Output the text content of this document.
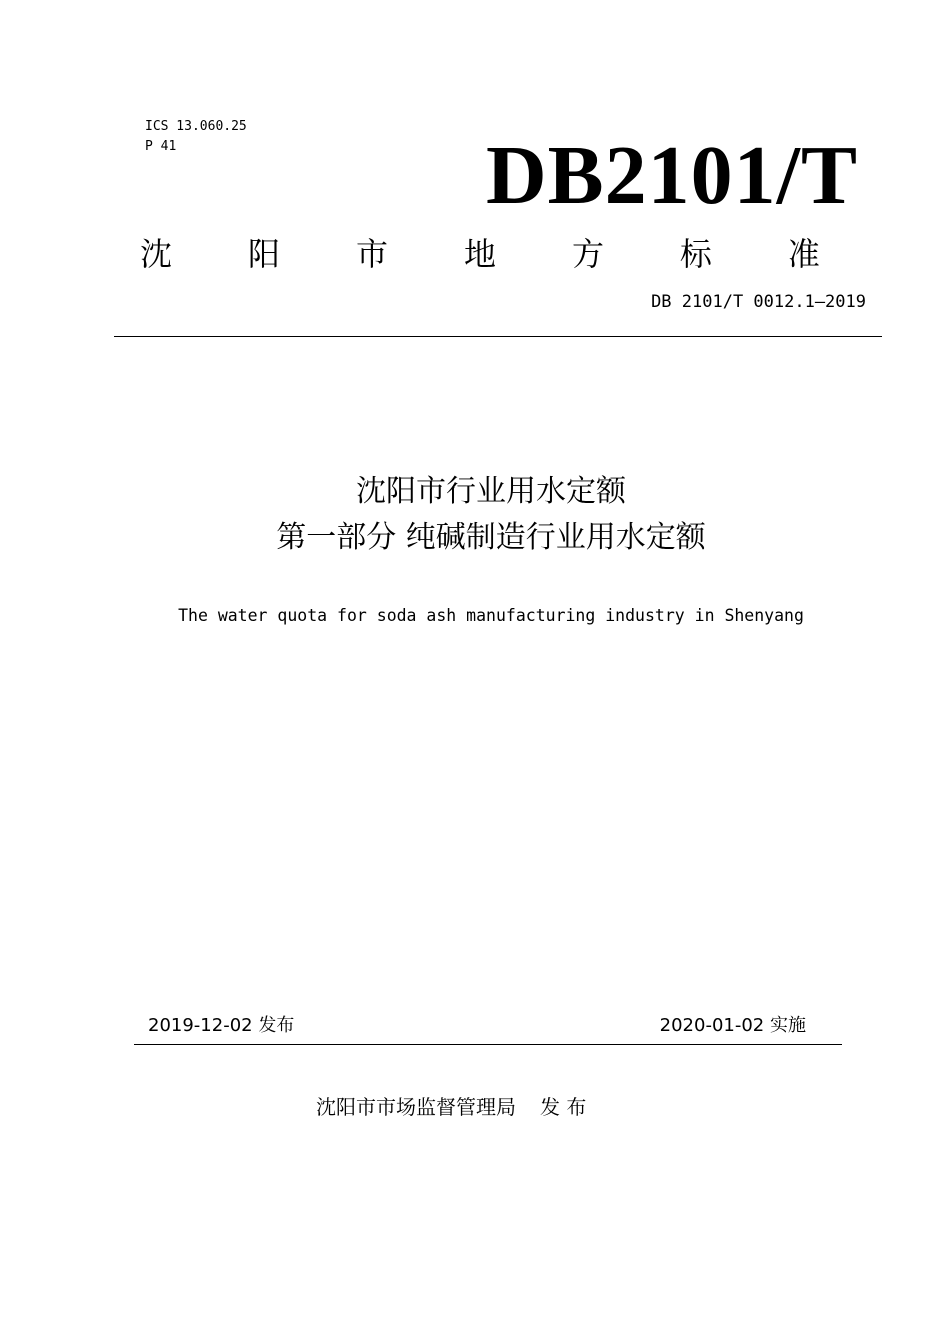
ICS 13.060.25
P 41	DB2101/T
沈 阳 市 地 方 标 准
DB 2101/T 0012.1—2019
沈阳市行业用水定额
第一部分 纯碱制造行业用水定额
The water quota for soda ash manufacturing industry in Shenyang
2019-12-02 发布	2020-01-02 实施
沈阳市市场监督管理局 发 布
